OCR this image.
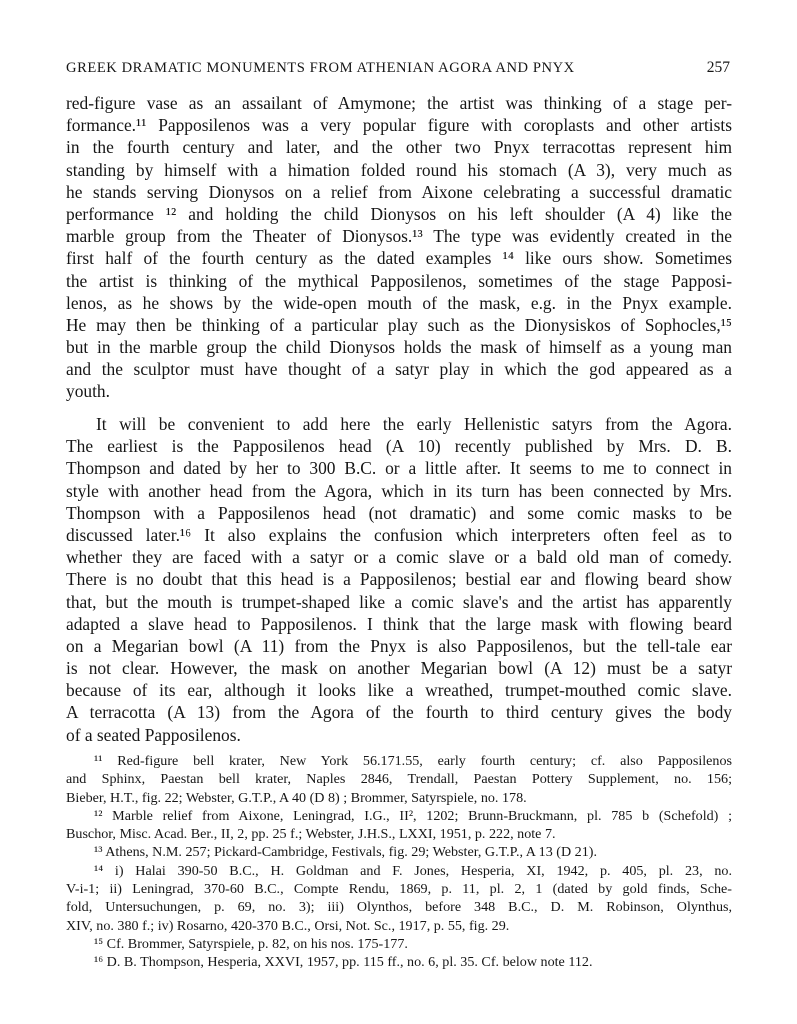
GREEK DRAMATIC MONUMENTS FROM ATHENIAN AGORA AND PNYX	257
red-figure vase as an assailant of Amymone; the artist was thinking of a stage per-
formance.¹¹ Papposilenos was a very popular figure with coroplasts and other artists
in the fourth century and later, and the other two Pnyx terracottas represent him
standing by himself with a himation folded round his stomach (A 3), very much as
he stands serving Dionysos on a relief from Aixone celebrating a successful dramatic
performance ¹² and holding the child Dionysos on his left shoulder (A 4) like the
marble group from the Theater of Dionysos.¹³ The type was evidently created in the
first half of the fourth century as the dated examples ¹⁴ like ours show. Sometimes
the artist is thinking of the mythical Papposilenos, sometimes of the stage Papposi-
lenos, as he shows by the wide-open mouth of the mask, e.g. in the Pnyx example.
He may then be thinking of a particular play such as the Dionysiskos of Sophocles,¹⁵
but in the marble group the child Dionysos holds the mask of himself as a young man
and the sculptor must have thought of a satyr play in which the god appeared as a
youth.
It will be convenient to add here the early Hellenistic satyrs from the Agora.
The earliest is the Papposilenos head (A 10) recently published by Mrs. D. B.
Thompson and dated by her to 300 B.C. or a little after. It seems to me to connect in
style with another head from the Agora, which in its turn has been connected by Mrs.
Thompson with a Papposilenos head (not dramatic) and some comic masks to be
discussed later.¹⁶ It also explains the confusion which interpreters often feel as to
whether they are faced with a satyr or a comic slave or a bald old man of comedy.
There is no doubt that this head is a Papposilenos; bestial ear and flowing beard show
that, but the mouth is trumpet-shaped like a comic slave's and the artist has apparently
adapted a slave head to Papposilenos. I think that the large mask with flowing beard
on a Megarian bowl (A 11) from the Pnyx is also Papposilenos, but the tell-tale ear
is not clear. However, the mask on another Megarian bowl (A 12) must be a satyr
because of its ear, although it looks like a wreathed, trumpet-mouthed comic slave.
A terracotta (A 13) from the Agora of the fourth to third century gives the body
of a seated Papposilenos.
¹¹ Red-figure bell krater, New York 56.171.55, early fourth century; cf. also Papposilenos
and Sphinx, Paestan bell krater, Naples 2846, Trendall, Paestan Pottery Supplement, no. 156;
Bieber, H.T., fig. 22; Webster, G.T.P., A 40 (D 8) ; Brommer, Satyrspiele, no. 178.
¹² Marble relief from Aixone, Leningrad, I.G., II², 1202; Brunn-Bruckmann, pl. 785 b (Schefold) ;
Buschor, Misc. Acad. Ber., II, 2, pp. 25 f.; Webster, J.H.S., LXXI, 1951, p. 222, note 7.
¹³ Athens, N.M. 257; Pickard-Cambridge, Festivals, fig. 29; Webster, G.T.P., A 13 (D 21).
¹⁴ i) Halai 390-50 B.C., H. Goldman and F. Jones, Hesperia, XI, 1942, p. 405, pl. 23, no.
V-i-1; ii) Leningrad, 370-60 B.C., Compte Rendu, 1869, p. 11, pl. 2, 1 (dated by gold finds, Sche-
fold, Untersuchungen, p. 69, no. 3); iii) Olynthos, before 348 B.C., D. M. Robinson, Olynthus,
XIV, no. 380 f.; iv) Rosarno, 420-370 B.C., Orsi, Not. Sc., 1917, p. 55, fig. 29.
¹⁵ Cf. Brommer, Satyrspiele, p. 82, on his nos. 175-177.
¹⁶ D. B. Thompson, Hesperia, XXVI, 1957, pp. 115 ff., no. 6, pl. 35. Cf. below note 112.
